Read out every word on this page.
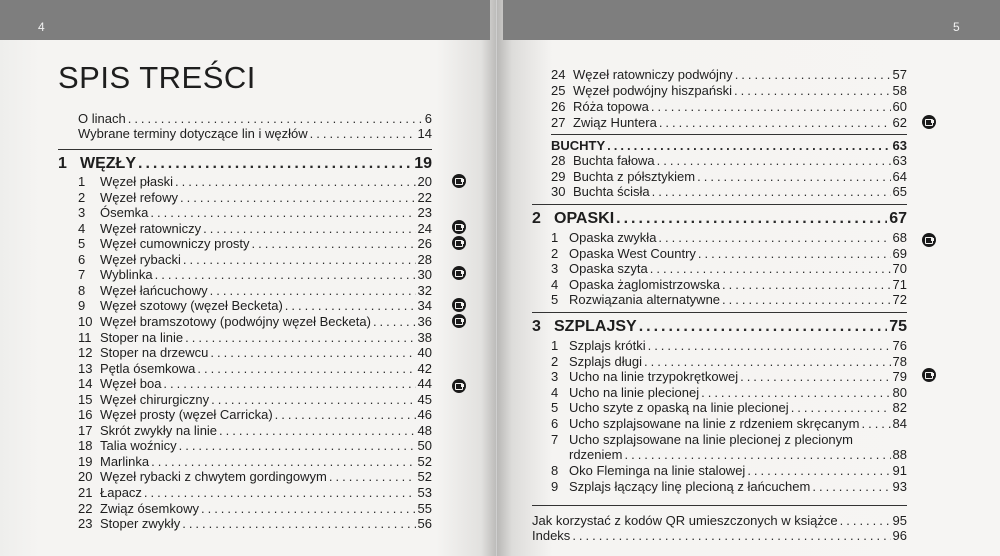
4
SPIS TREŚCI
O linach .....	6
Wybrane terminy dotyczące lin i węzłów .....	14
1 WĘZŁY .....	19
1	Węzeł płaski .....	20
2	Węzeł refowy .....	22
3	Ósemka .....	23
4	Węzeł ratowniczy .....	24
5	Węzeł cumowniczy prosty .....	26
6	Węzeł rybacki .....	28
7	Wyblinka .....	30
8	Węzeł łańcuchowy .....	32
9	Węzeł szotowy (węzeł Becketa) .....	34
10 Węzeł bramszotowy (podwójny węzeł Becketa) .....	36
11 Stoper na linie .....	38
12 Stoper na drzewcu .....	40
13 Pętla ósemkowa .....	42
14 Węzeł boa .....	44
15 Węzeł chirurgiczny .....	45
16 Węzeł prosty (węzeł Carricka) .....	46
17 Skrót zwykły na linie .....	48
18 Talia woźnicy .....	50
19 Marlinka .....	52
20 Węzeł rybacki z chwytem gordingowym .....	52
21 Łapacz .....	53
22 Związ ósemkowy .....	55
23 Stoper zwykły .....	56
5
24 Węzeł ratowniczy podwójny .....	57
25 Węzeł podwójny hiszpański .....	58
26 Róża topowa .....	60
27 Związ Huntera .....	62
BUCHTY .....	63
28 Buchta fałowa .....	63
29 Buchta z półsztykiem .....	64
30 Buchta ścisła .....	65
2 OPASKI .....	67
1 Opaska zwykła .....	68
2 Opaska West Country .....	69
3 Opaska szyta .....	70
4 Opaska żaglomistrzowska .....	71
5 Rozwiązania alternatywne .....	72
3 SZPLAJSY .....	75
1 Szplajs krótki .....	76
2 Szplajs długi .....	78
3 Ucho na linie trzypokrętkowej .....	79
4 Ucho na linie plecionej .....	80
5 Ucho szyte z opaską na linie plecionej .....	82
6 Ucho szplajsowane na linie z rdzeniem skręcanym .....	84
7 Ucho szplajsowane na linie plecionej z plecionym
rdzeniem .....	88
8 Oko Fleminga na linie stalowej .....	91
9 Szplajs łączący linę plecioną z łańcuchem .....	93
Jak korzystać z kodów QR umieszczonych w książce .....	95
Indeks .....	96
